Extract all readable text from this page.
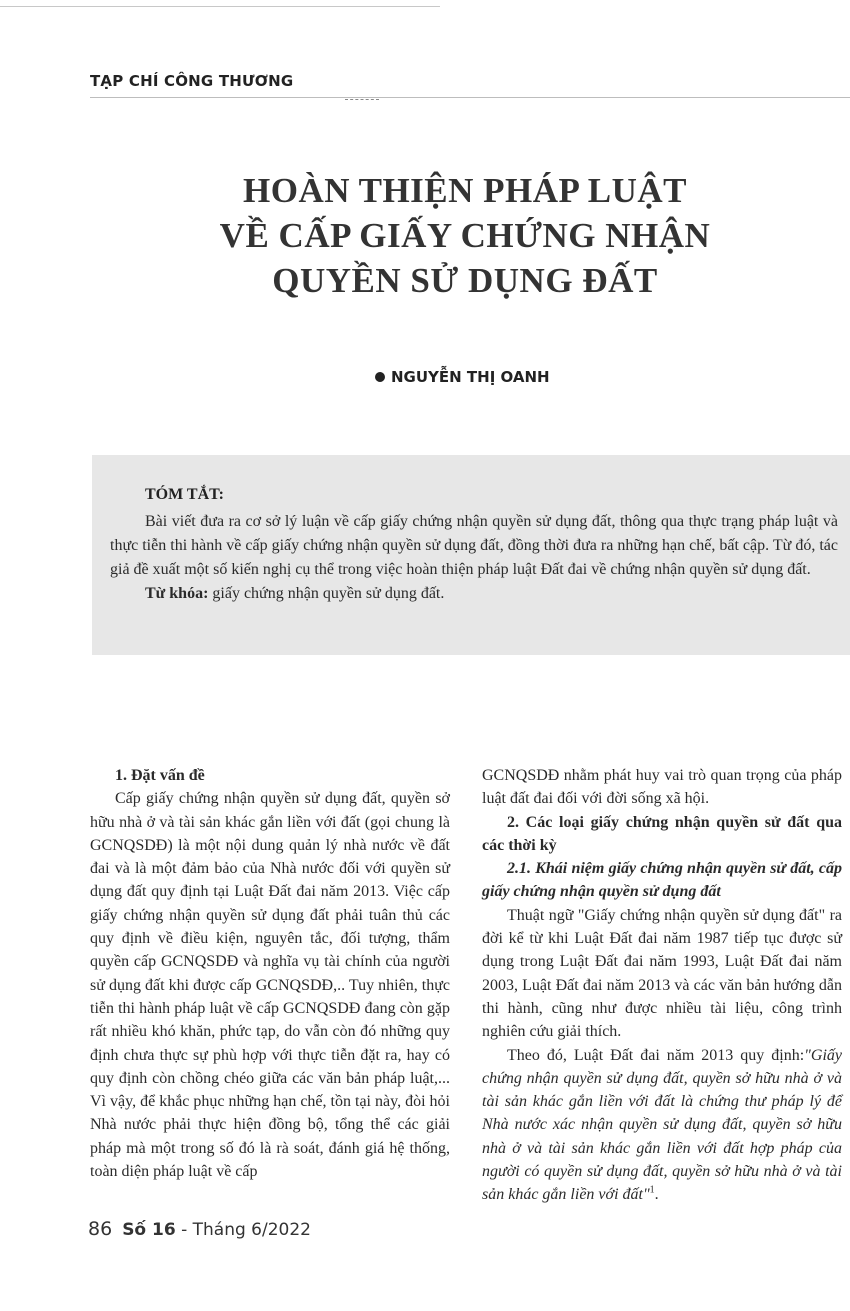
TẠP CHÍ CÔNG THƯƠNG
HOÀN THIỆN PHÁP LUẬT
VỀ CẤP GIẤY CHỨNG NHẬN
QUYỀN SỬ DỤNG ĐẤT
NGUYỄN THỊ OANH
TÓM TẮT:

Bài viết đưa ra cơ sở lý luận về cấp giấy chứng nhận quyền sử dụng đất, thông qua thực trạng pháp luật và thực tiễn thi hành về cấp giấy chứng nhận quyền sử dụng đất, đồng thời đưa ra những hạn chế, bất cập. Từ đó, tác giả đề xuất một số kiến nghị cụ thể trong việc hoàn thiện pháp luật Đất đai về chứng nhận quyền sử dụng đất.

Từ khóa: giấy chứng nhận quyền sử dụng đất.

1. Đặt vấn đề

Cấp giấy chứng nhận quyền sử dụng đất, quyền sở hữu nhà ở và tài sản khác gắn liền với đất (gọi chung là GCNQSDĐ) là một nội dung quản lý nhà nước về đất đai và là một đảm bảo của Nhà nước đối với quyền sử dụng đất quy định tại Luật Đất đai năm 2013. Việc cấp giấy chứng nhận quyền sử dụng đất phải tuân thủ các quy định về điều kiện, nguyên tắc, đối tượng, thẩm quyền cấp GCNQSDĐ và nghĩa vụ tài chính của người sử dụng đất khi được cấp GCNQSDĐ,.. Tuy nhiên, thực tiễn thi hành pháp luật về cấp GCNQSDĐ đang còn gặp rất nhiều khó khăn, phức tạp, do vẫn còn đó những quy định chưa thực sự phù hợp với thực tiễn đặt ra, hay có quy định còn chồng chéo giữa các văn bản pháp luật,... Vì vậy, để khắc phục những hạn chế, tồn tại này, đòi hỏi Nhà nước phải thực hiện đồng bộ, tổng thể các giải pháp mà một trong số đó là rà soát, đánh giá hệ thống, toàn diện pháp luật về cấp

GCNQSDĐ nhằm phát huy vai trò quan trọng của pháp luật đất đai đối với đời sống xã hội.

2. Các loại giấy chứng nhận quyền sử đất qua các thời kỳ

2.1. Khái niệm giấy chứng nhận quyền sử đất, cấp giấy chứng nhận quyền sử dụng đất

Thuật ngữ "Giấy chứng nhận quyền sử dụng đất" ra đời kể từ khi Luật Đất đai năm 1987 tiếp tục được sử dụng trong Luật Đất đai năm 1993, Luật Đất đai năm 2003, Luật Đất đai năm 2013 và các văn bản hướng dẫn thi hành, cũng như được nhiều tài liệu, công trình nghiên cứu giải thích.

Theo đó, Luật Đất đai năm 2013 quy định:"Giấy chứng nhận quyền sử dụng đất, quyền sở hữu nhà ở và tài sản khác gắn liền với đất là chứng thư pháp lý để Nhà nước xác nhận quyền sử dụng đất, quyền sở hữu nhà ở và tài sản khác gắn liền với đất hợp pháp của người có quyền sử dụng đất, quyền sở hữu nhà ở và tài sản khác gắn liền với đất"$^1$.

86 Số 16 - Tháng 6/2022
